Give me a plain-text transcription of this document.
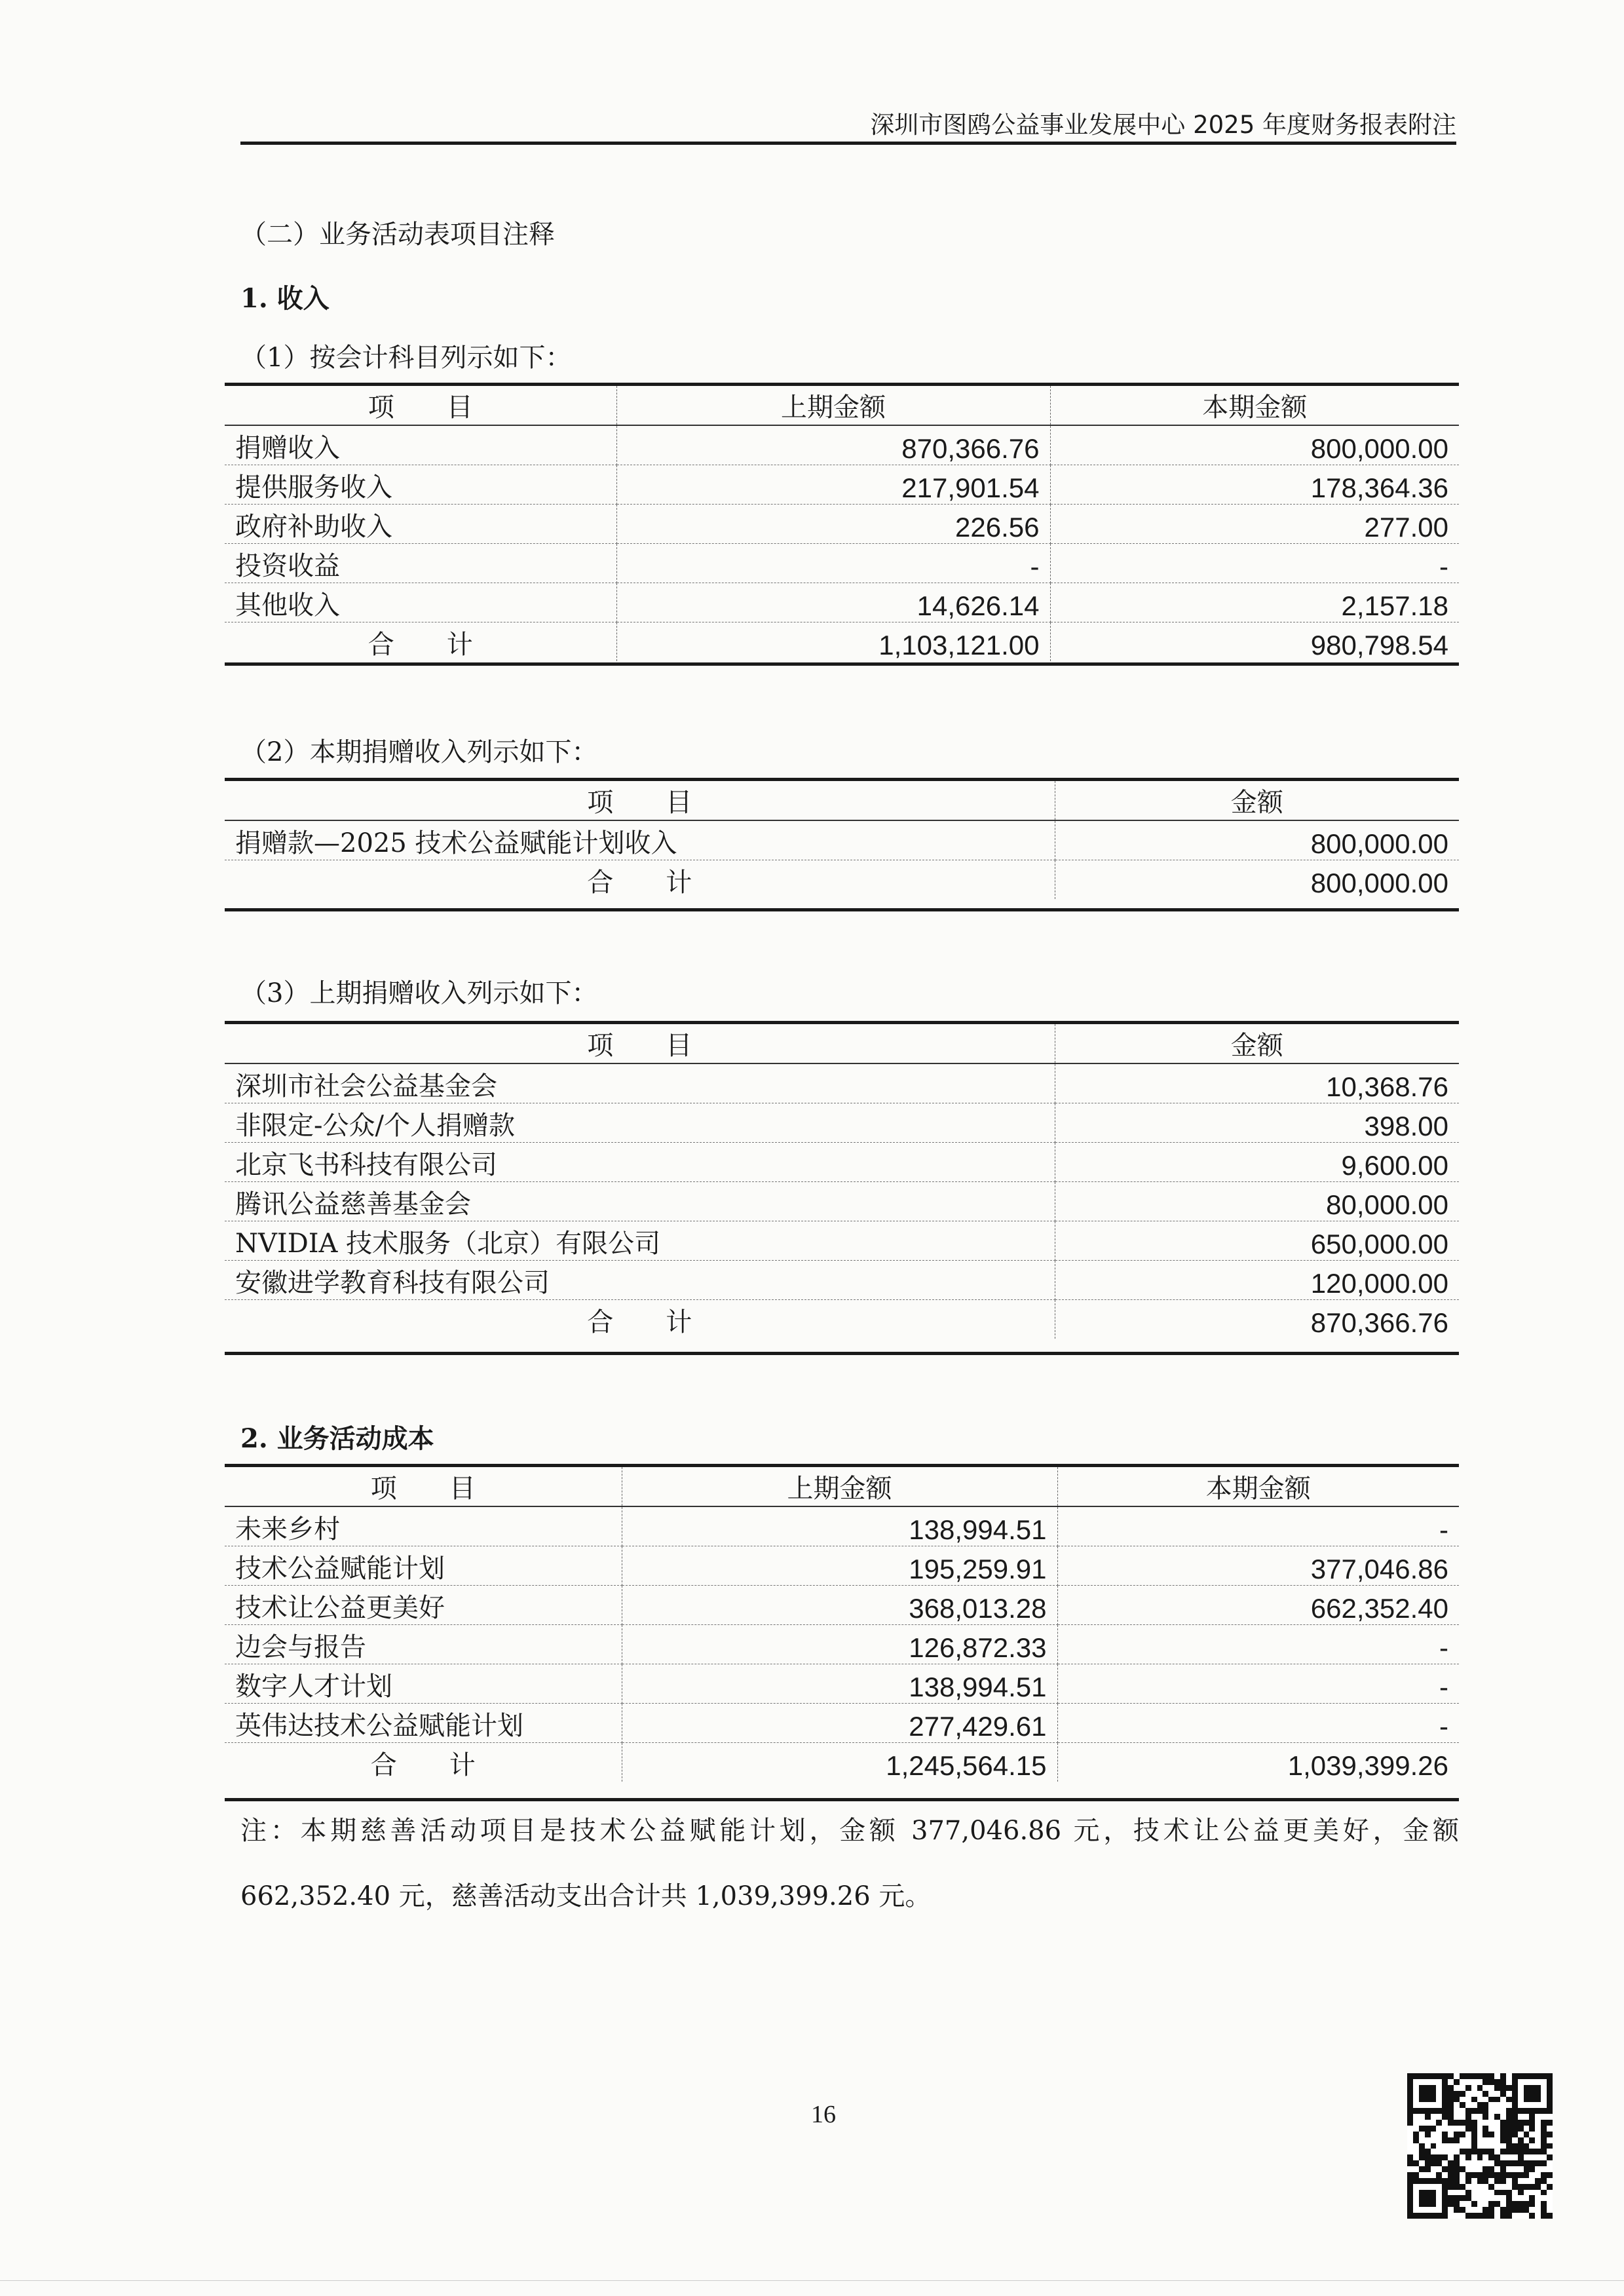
深圳市图鸥公益事业发展中心 2025 年度财务报表附注
（二）业务活动表项目注释
1. 收入
（1）按会计科目列示如下：
项　　目	上期金额	本期金额
捐赠收入	870,366.76	800,000.00
提供服务收入	217,901.54	178,364.36
政府补助收入	226.56	277.00
投资收益	-	-
其他收入	14,626.14	2,157.18
合　　计	1,103,121.00	980,798.54
（2）本期捐赠收入列示如下：
项　　目	金额
捐赠款—2025 技术公益赋能计划收入	800,000.00
合　　计	800,000.00
（3）上期捐赠收入列示如下：
项　　目	金额
深圳市社会公益基金会	10,368.76
非限定-公众/个人捐赠款	398.00
北京飞书科技有限公司	9,600.00
腾讯公益慈善基金会	80,000.00
NVIDIA 技术服务（北京）有限公司	650,000.00
安徽进学教育科技有限公司	120,000.00
合　　计	870,366.76
2. 业务活动成本
项　　目	上期金额	本期金额
未来乡村	138,994.51	-
技术公益赋能计划	195,259.91	377,046.86
技术让公益更美好	368,013.28	662,352.40
边会与报告	126,872.33	-
数字人才计划	138,994.51	-
英伟达技术公益赋能计划	277,429.61	-
合　　计	1,245,564.15	1,039,399.26
注：本期慈善活动项目是技术公益赋能计划，金额 377,046.86 元，技术让公益更美好，金额 662,352.40 元，慈善活动支出合计共 1,039,399.26 元。
16
